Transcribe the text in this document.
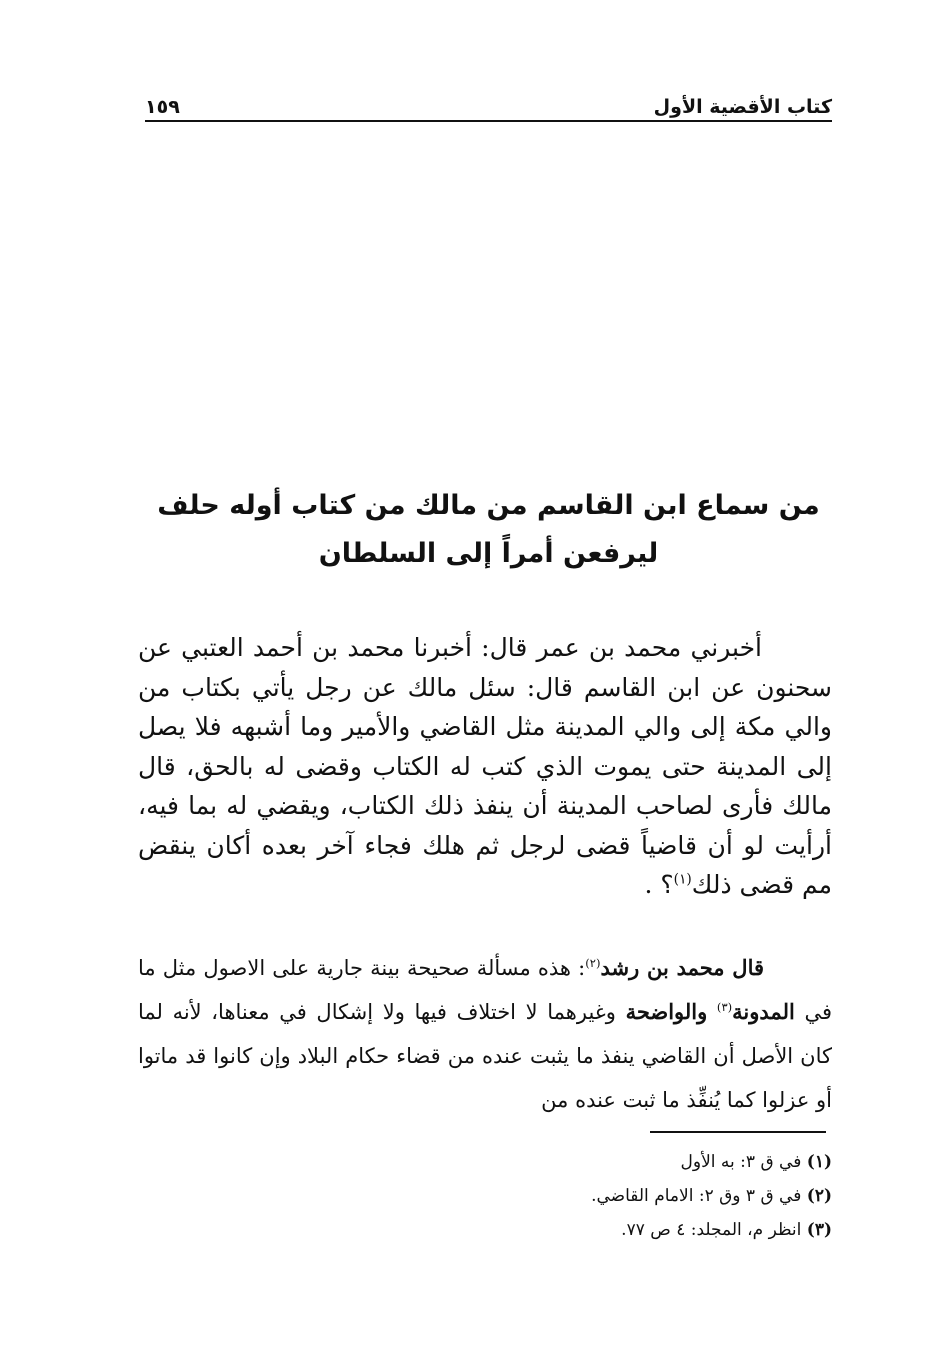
كتاب الأقضية الأول
١٥٩
من سماع ابن القاسم من مالك من كتاب أوله حلف
ليرفعن أمراً إلى السلطان

أخبرني محمد بن عمر قال: أخبرنا محمد بن أحمد العتبي عن سحنون عن ابن القاسم قال: سئل مالك عن رجل يأتي بكتاب من والي مكة إلى والي المدينة مثل القاضي والأمير وما أشبهه فلا يصل إلى المدينة حتى يموت الذي كتب له الكتاب وقضى له بالحق، قال مالك فأرى لصاحب المدينة أن ينفذ ذلك الكتاب، ويقضي له بما فيه، أرأيت لو أن قاضياً قضى لرجل ثم هلك فجاء آخر بعده أكان ينقض مم قضى ذلك$^{(١)}$؟ .

قال محمد بن رشد$^{(٢)}$: هذه مسألة صحيحة بينة جارية على الاصول مثل ما في المدونة$^{(٣)}$ والواضحة وغيرهما لا اختلاف فيها ولا إشكال في معناها، لأنه لما كان الأصل أن القاضي ينفذ ما يثبت عنده من قضاء حكام البلاد وإن كانوا قد ماتوا أو عزلوا كما يُنفِّذ ما ثبت عنده من

(١) في ق ٣: به الأول
(٢) في ق ٣ وق ٢: الامام القاضي.
(٣) انظر م، المجلد: ٤ ص ٧٧.
